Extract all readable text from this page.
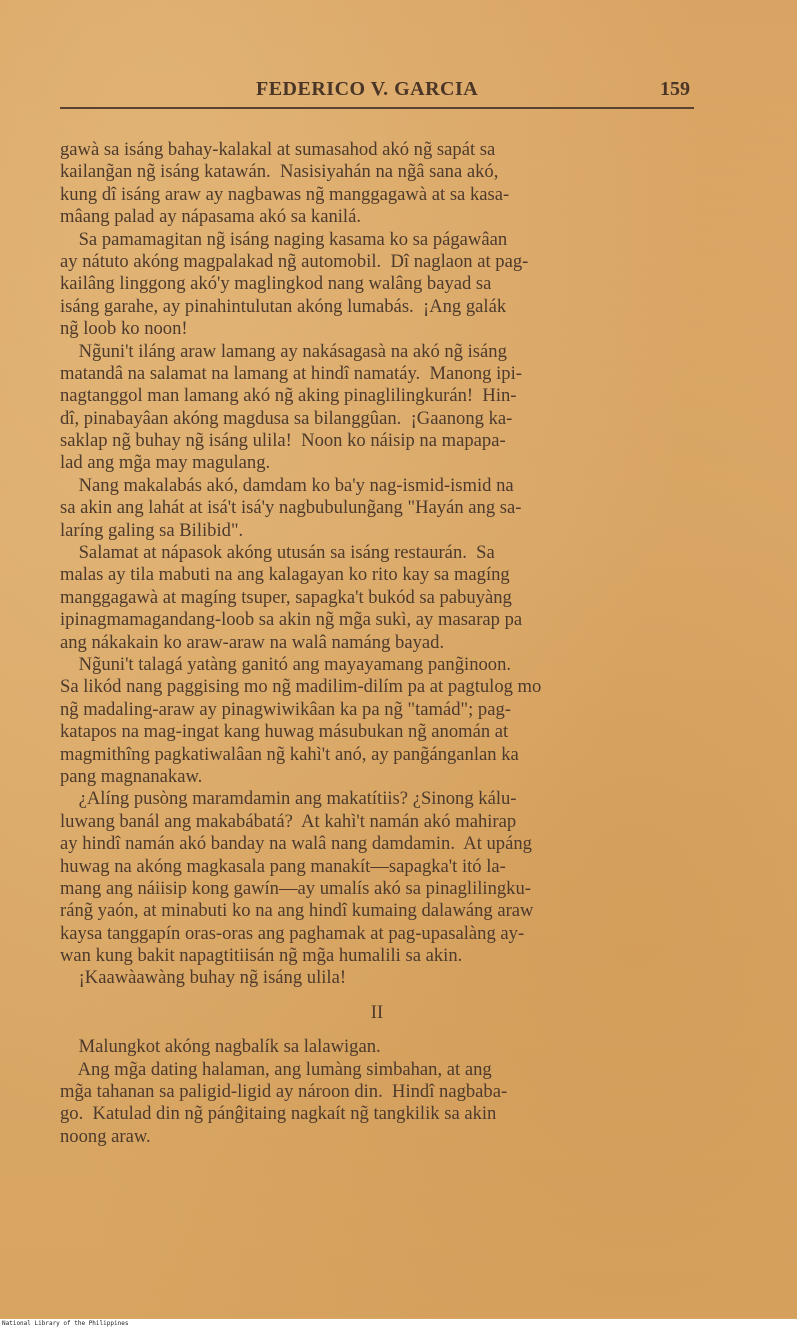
FEDERICO V. GARCIA	159
gawà sa isáng bahay-kalakal at sumasahod akó ng̃ sapát sa
kailang̃an ng̃ isáng katawán.  Nasisiyahán na ng̃â sana akó,
kung dî isáng araw ay nagbawas ng̃ manggagawà at sa kasa-
mâang palad ay nápasama akó sa kanilá.
Sa pamamagitan ng̃ isáng naging kasama ko sa págawâan
ay nátuto akóng magpalakad ng̃ automobil.  Dî naglaon at pag-
kailâng linggong akó'y maglingkod nang walâng bayad sa
isáng garahe, ay pinahintulutan akóng lumabás.  ¡Ang galák
ng̃ loob ko noon!
Ng̃uni't iláng araw lamang ay nakásagasà na akó ng̃ isáng
matandâ na salamat na lamang at hindî namatáy.  Manong ipi-
nagtanggol man lamang akó ng̃ aking pinaglilingkurán!  Hin-
dî, pinabayâan akóng magdusa sa bilanggûan.  ¡Gaanong ka-
saklap ng̃ buhay ng̃ isáng ulila!  Noon ko náisip na mapapa-
lad ang mg̃a may magulang.
Nang makalabás akó, damdam ko ba'y nag-ismid-ismid na
sa akin ang lahát at isá't isá'y nagbubulung̃ang "Hayán ang sa-
laríng galing sa Bilibid".
Salamat at nápasok akóng utusán sa isáng restaurán.  Sa
malas ay tila mabuti na ang kalagayan ko rito kay sa magíng
manggagawà at magíng tsuper, sapagka't bukód sa pabuyàng
ipinagmamagandang-loob sa akin ng̃ mg̃a sukì, ay masarap pa
ang nákakain ko araw-araw na walâ namáng bayad.
Ng̃uni't talagá yatàng ganitó ang mayayamang pang̃inoon.
Sa likód nang paggising mo ng̃ madilim-dilím pa at pagtulog mo
ng̃ madaling-araw ay pinagwiwikâan ka pa ng̃ "tamád"; pag-
katapos na mag-ingat kang huwag másubukan ng̃ anomán at
magmithîng pagkatiwalâan ng̃ kahì't anó, ay pang̃ánganlan ka
pang magnanakaw.
¿Alíng pusòng maramdamin ang makatítiis? ¿Sinong kálu-
luwang banál ang makabábatá?  At kahì't namán akó mahirap
ay hindî namán akó banday na walâ nang damdamin.  At upáng
huwag na akóng magkasala pang manakít—sapagka't itó la-
mang ang náiisip kong gawín—ay umalís akó sa pinaglilingku-
ráng̃ yaón, at minabuti ko na ang hindî kumaing dalawáng araw
kaysa tanggapín oras-oras ang paghamak at pag-upasalàng ay-
wan kung bakit napagtitiisán ng̃ mg̃a humalili sa akin.
¡Kaawàawàng buhay ng̃ isáng ulila!
II
Malungkot akóng nagbalík sa lalawigan.
Ang mg̃a dating halaman, ang lumàng simbahan, at ang
mg̃a tahanan sa paligid-ligid ay nároon din.  Hindî nagbaba-
go.  Katulad din ng̃ pánĝitaing nagkaít ng̃ tangkilik sa akin
noong araw.
National Library of the Philippines
